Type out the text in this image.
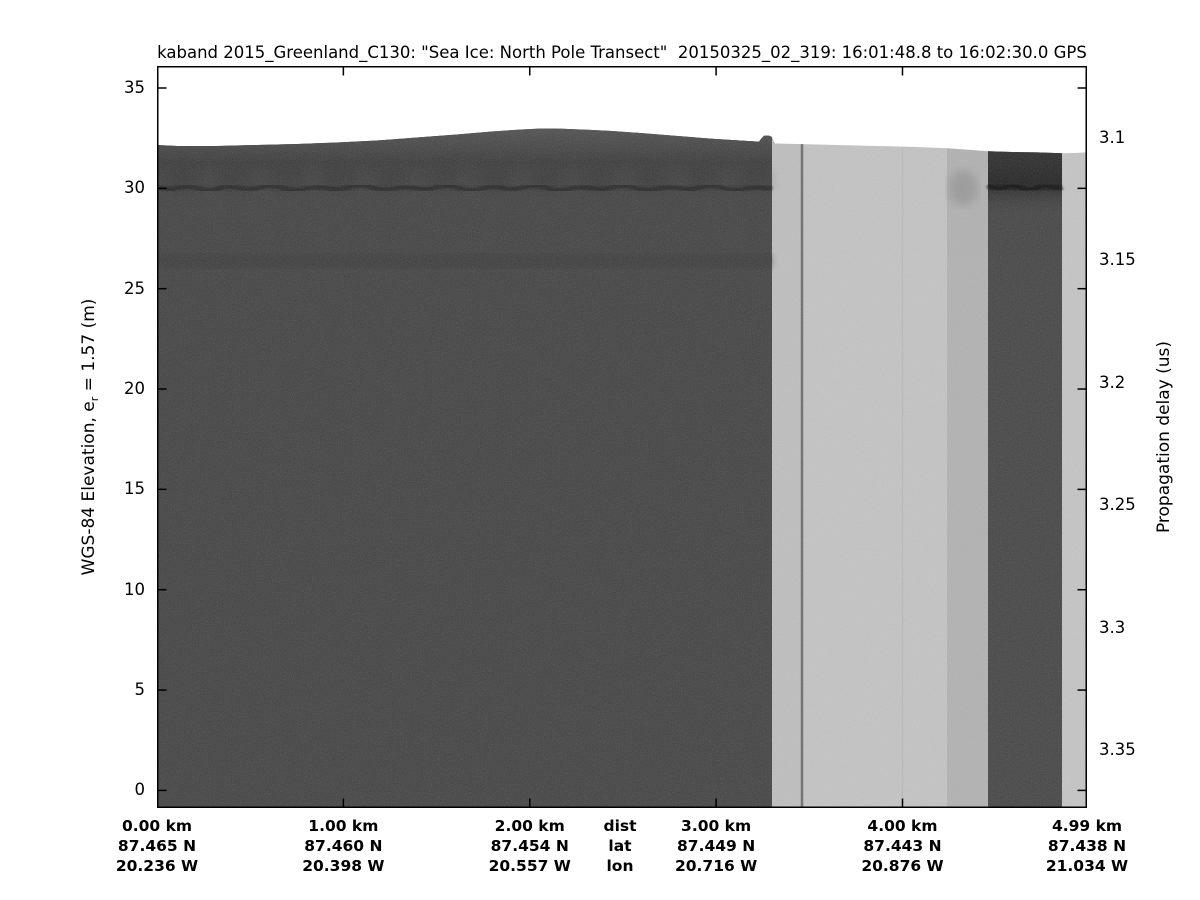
kaband 2015_Greenland_C130: "Sea Ice: North Pole Transect"  20150325_02_319: 16:01:48.8 to 16:02:30.0 GPS
WGS-84 Elevation, $e_r = 1.57$ (m)	Propagation delay (us)
35
30
25
20
15
10
5
0
3.1
3.15
3.2
3.25
3.3
3.35
0.00 km
87.465 N
20.236 W
1.00 km
87.460 N
20.398 W
2.00 km
87.454 N
20.557 W
dist
lat
lon
3.00 km
87.449 N
20.716 W
4.00 km
87.443 N
20.876 W
4.99 km
87.438 N
21.034 W
